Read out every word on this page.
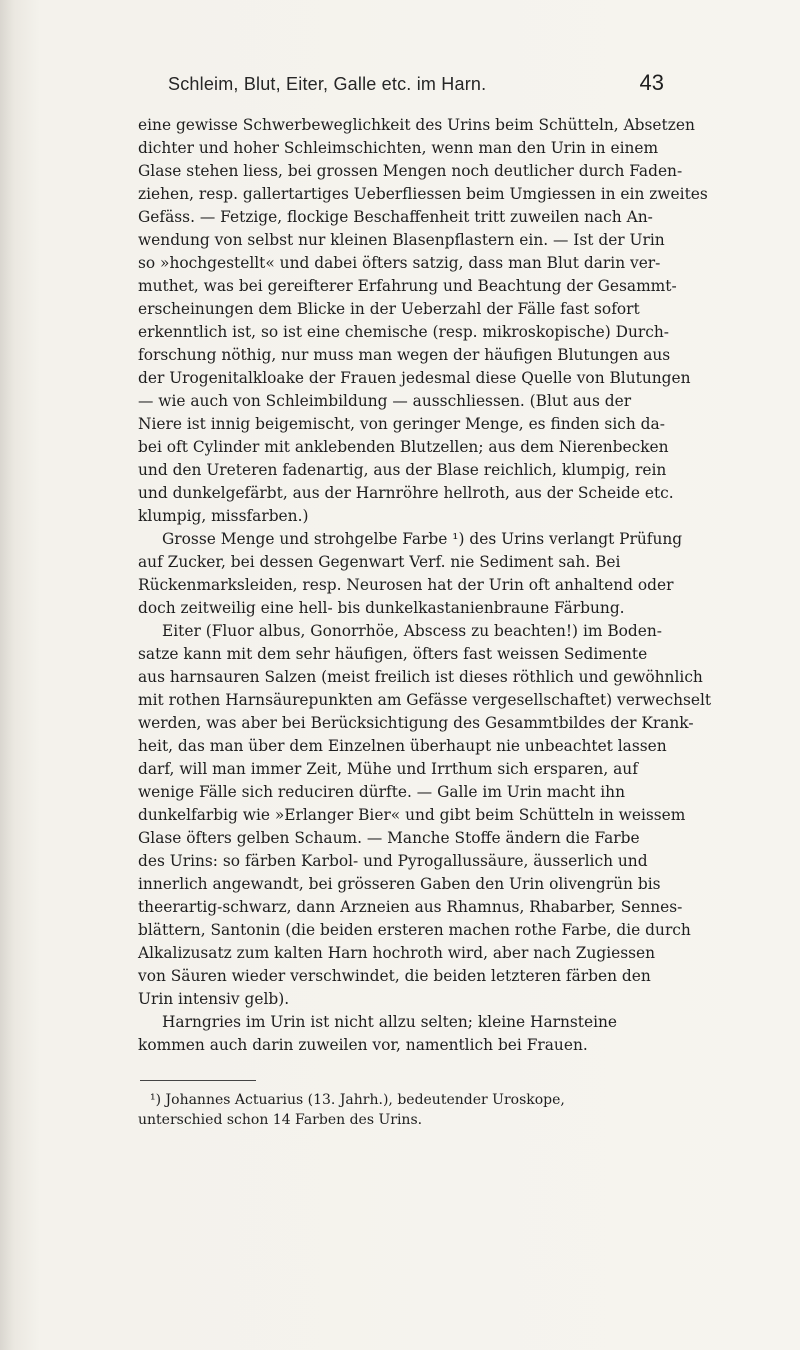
Schleim, Blut, Eiter, Galle etc. im Harn.	43
eine gewisse Schwerbeweglichkeit des Urins beim Schütteln, Absetzen
dichter und hoher Schleimschichten, wenn man den Urin in einem
Glase stehen liess, bei grossen Mengen noch deutlicher durch Faden-
ziehen, resp. gallertartiges Ueberfliessen beim Umgiessen in ein zweites
Gefäss. — Fetzige, flockige Beschaffenheit tritt zuweilen nach An-
wendung von selbst nur kleinen Blasenpflastern ein. — Ist der Urin
so »hochgestellt« und dabei öfters satzig, dass man Blut darin ver-
muthet, was bei gereifterer Erfahrung und Beachtung der Gesammt-
erscheinungen dem Blicke in der Ueberzahl der Fälle fast sofort
erkenntlich ist, so ist eine chemische (resp. mikroskopische) Durch-
forschung nöthig, nur muss man wegen der häufigen Blutungen aus
der Urogenitalkloake der Frauen jedesmal diese Quelle von Blutungen
— wie auch von Schleimbildung — ausschliessen. (Blut aus der
Niere ist innig beigemischt, von geringer Menge, es finden sich da-
bei oft Cylinder mit anklebenden Blutzellen; aus dem Nierenbecken
und den Ureteren fadenartig, aus der Blase reichlich, klumpig, rein
und dunkelgefärbt, aus der Harnröhre hellroth, aus der Scheide etc.
klumpig, missfarben.)
Grosse Menge und strohgelbe Farbe ¹) des Urins verlangt Prüfung
auf Zucker, bei dessen Gegenwart Verf. nie Sediment sah. Bei
Rückenmarksleiden, resp. Neurosen hat der Urin oft anhaltend oder
doch zeitweilig eine hell- bis dunkelkastanienbraune Färbung.
Eiter (Fluor albus, Gonorrhöe, Abscess zu beachten!) im Boden-
satze kann mit dem sehr häufigen, öfters fast weissen Sedimente
aus harnsauren Salzen (meist freilich ist dieses röthlich und gewöhnlich
mit rothen Harnsäurepunkten am Gefässe vergesellschaftet) verwechselt
werden, was aber bei Berücksichtigung des Gesammtbildes der Krank-
heit, das man über dem Einzelnen überhaupt nie unbeachtet lassen
darf, will man immer Zeit, Mühe und Irrthum sich ersparen, auf
wenige Fälle sich reduciren dürfte. — Galle im Urin macht ihn
dunkelfarbig wie »Erlanger Bier« und gibt beim Schütteln in weissem
Glase öfters gelben Schaum. — Manche Stoffe ändern die Farbe
des Urins: so färben Karbol- und Pyrogallussäure, äusserlich und
innerlich angewandt, bei grösseren Gaben den Urin olivengrün bis
theerartig-schwarz, dann Arzneien aus Rhamnus, Rhabarber, Sennes-
blättern, Santonin (die beiden ersteren machen rothe Farbe, die durch
Alkalizusatz zum kalten Harn hochroth wird, aber nach Zugiessen
von Säuren wieder verschwindet, die beiden letzteren färben den
Urin intensiv gelb).
Harngries im Urin ist nicht allzu selten; kleine Harnsteine
kommen auch darin zuweilen vor, namentlich bei Frauen.
¹) Johannes Actuarius (13. Jahrh.), bedeutender Uroskope,
unterschied schon 14 Farben des Urins.
